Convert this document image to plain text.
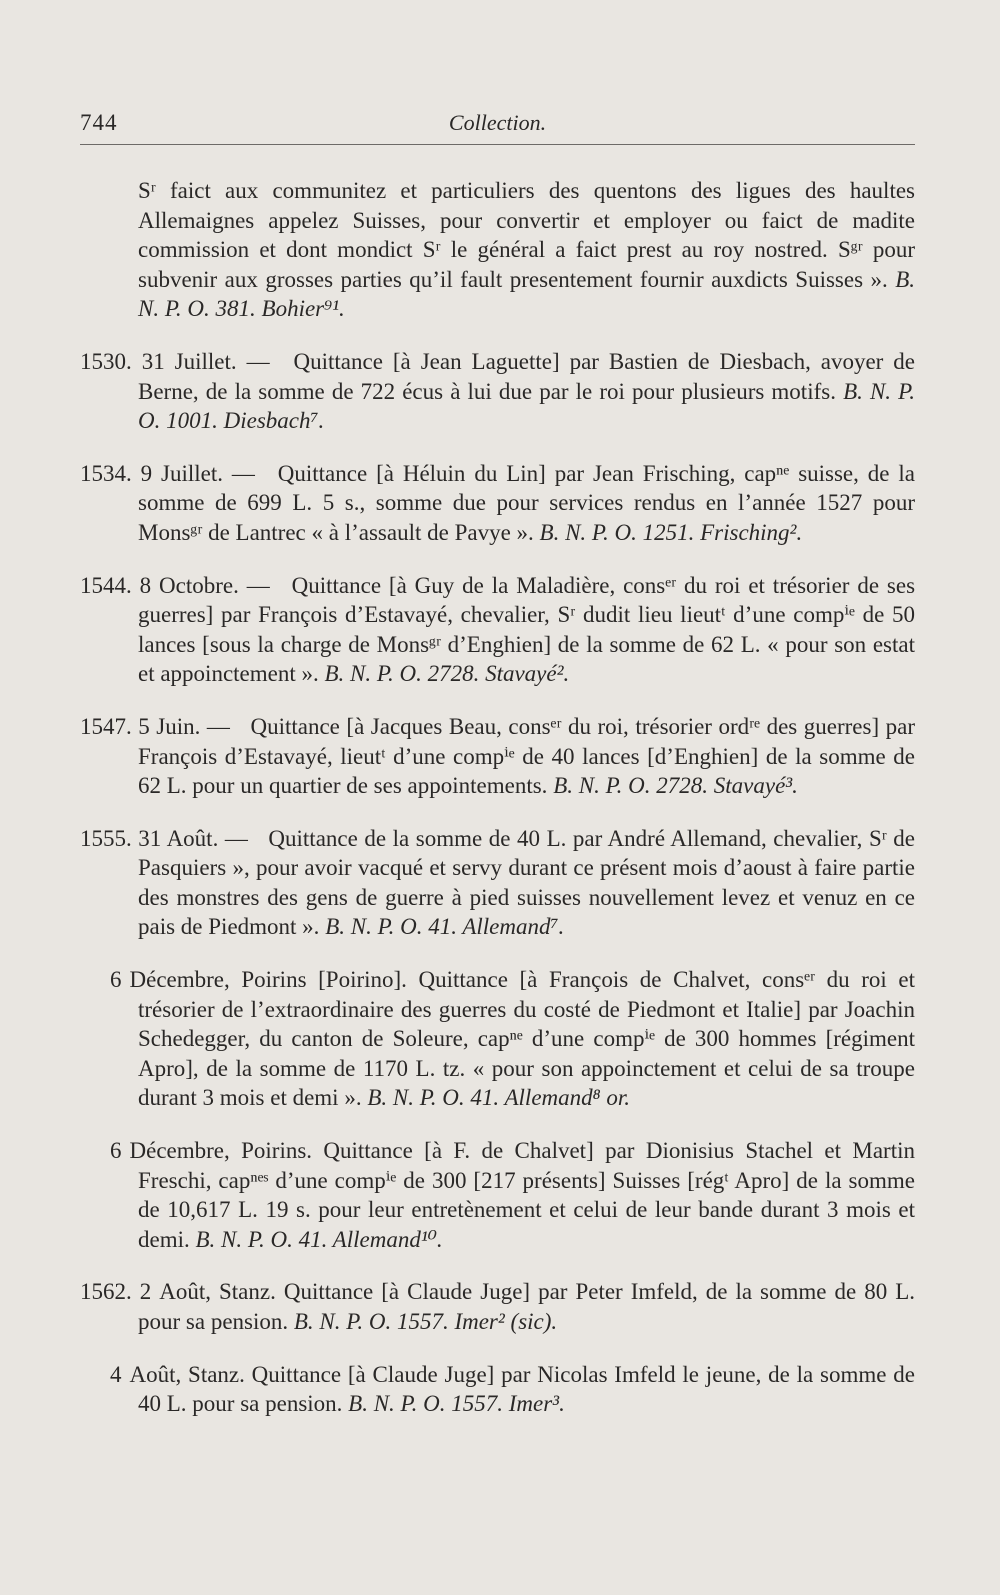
744	Collection.

Sʳ faict aux communitez et particuliers des quentons des ligues des haultes Allemaignes appelez Suisses, pour convertir et employer ou faict de madite commission et dont mondict Sʳ le général a faict prest au roy nostred. Sᵍʳ pour subvenir aux grosses parties qu’il fault presentement fournir auxdicts Suisses ». B. N. P. O. 381. Bohier⁹¹.

1530. 31 Juillet. — Quittance [à Jean Laguette] par Bastien de Diesbach, avoyer de Berne, de la somme de 722 écus à lui due par le roi pour plusieurs motifs. B. N. P. O. 1001. Diesbach⁷.

1534. 9 Juillet. — Quittance [à Héluin du Lin] par Jean Frisching, capⁿᵉ suisse, de la somme de 699 L. 5 s., somme due pour services rendus en l’année 1527 pour Monsᵍʳ de Lantrec « à l’assault de Pavye ». B. N. P. O. 1251. Frisching².

1544. 8 Octobre. — Quittance [à Guy de la Maladière, consᵉʳ du roi et trésorier de ses guerres] par François d’Estavayé, chevalier, Sʳ dudit lieu lieutᵗ d’une compⁱᵉ de 50 lances [sous la charge de Monsᵍʳ d’Enghien] de la somme de 62 L. « pour son estat et appoinctement ». B. N. P. O. 2728. Stavayé².

1547. 5 Juin. — Quittance [à Jacques Beau, consᵉʳ du roi, trésorier ordʳᵉ des guerres] par François d’Estavayé, lieutᵗ d’une compⁱᵉ de 40 lances [d’Enghien] de la somme de 62 L. pour un quartier de ses appointements. B. N. P. O. 2728. Stavayé³.

1555. 31 Août. — Quittance de la somme de 40 L. par André Allemand, chevalier, Sʳ de Pasquiers », pour avoir vacqué et servy durant ce présent mois d’aoust à faire partie des monstres des gens de guerre à pied suisses nouvellement levez et venuz en ce pais de Piedmont ». B. N. P. O. 41. Allemand⁷.

6 Décembre, Poirins [Poirino]. Quittance [à François de Chalvet, consᵉʳ du roi et trésorier de l’extraordinaire des guerres du costé de Piedmont et Italie] par Joachin Schedegger, du canton de Soleure, capⁿᵉ d’une compⁱᵉ de 300 hommes [régiment Apro], de la somme de 1170 L. tz. « pour son appoinctement et celui de sa troupe durant 3 mois et demi ». B. N. P. O. 41. Allemand⁸ or.

6 Décembre, Poirins. Quittance [à F. de Chalvet] par Dionisius Stachel et Martin Freschi, capⁿᵉˢ d’une compⁱᵉ de 300 [217 présents] Suisses [régᵗ Apro] de la somme de 10,617 L. 19 s. pour leur entretènement et celui de leur bande durant 3 mois et demi. B. N. P. O. 41. Allemand¹⁰.

1562. 2 Août, Stanz. Quittance [à Claude Juge] par Peter Imfeld, de la somme de 80 L. pour sa pension. B. N. P. O. 1557. Imer² (sic).

4 Août, Stanz. Quittance [à Claude Juge] par Nicolas Imfeld le jeune, de la somme de 40 L. pour sa pension. B. N. P. O. 1557. Imer³.
